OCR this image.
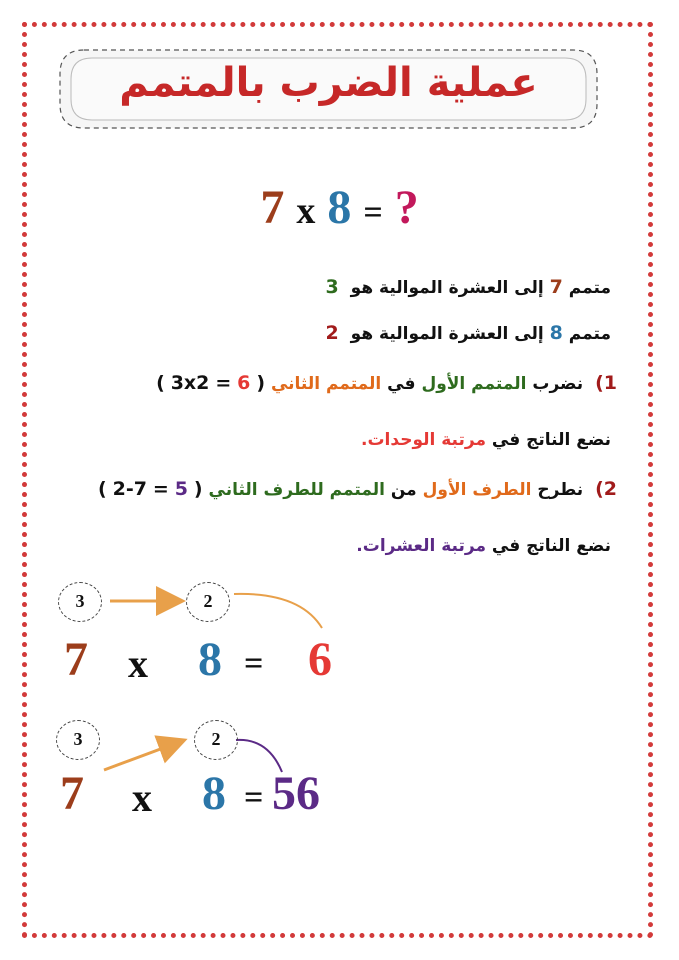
عملية الضرب بالمتمم
7 x 8 = ?
متمم 7 إلى العشرة الموالية هو 3
متمم 8 إلى العشرة الموالية هو 2
1) نضرب المتمم الأول في المتمم الثاني ( 6 = 3x2 )
نضع الناتج في مرتبة الوحدات.
2) نطرح الطرف الأول من المتمم للطرف الثاني ( 5 = 7-2 )
نضع الناتج في مرتبة العشرات.
3	2
7 x 8 = 6
3	2
7 x 8 = 56
